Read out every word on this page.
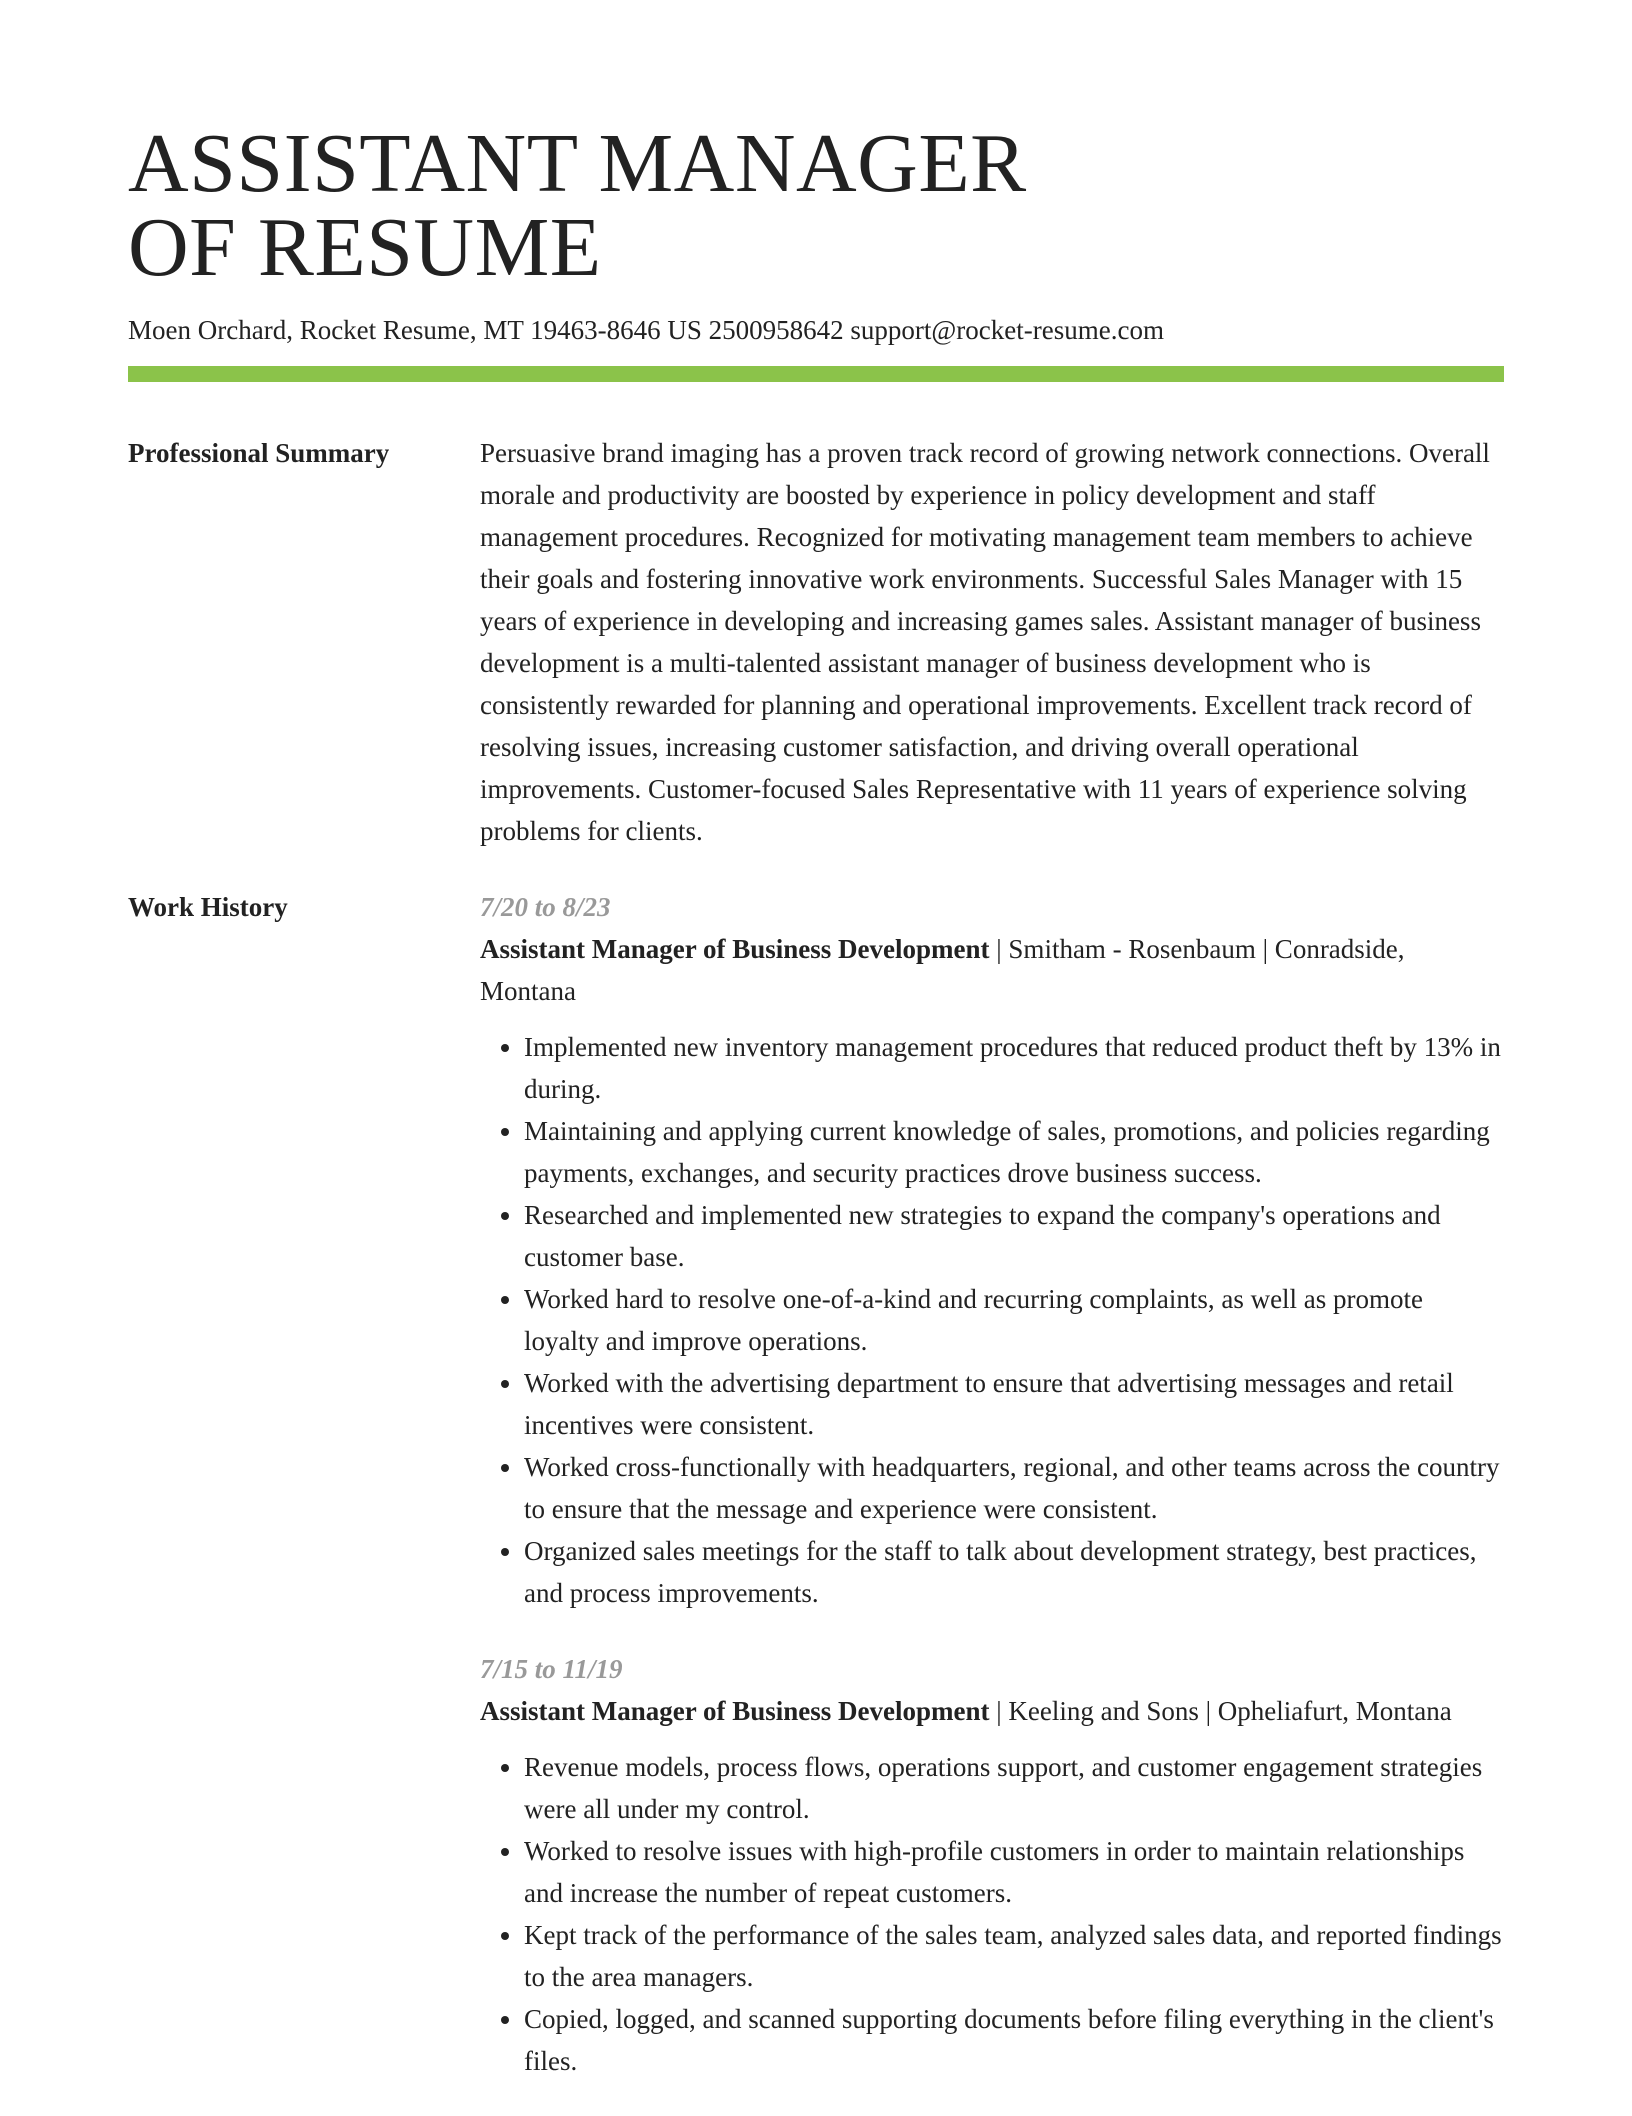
ASSISTANT MANAGER
OF RESUME
Moen Orchard, Rocket Resume, MT 19463-8646 US 2500958642 support@rocket-resume.com
Professional Summary	Persuasive brand imaging has a proven track record of growing network connections. Overall morale and productivity are boosted by experience in policy development and staff management procedures. Recognized for motivating management team members to achieve their goals and fostering innovative work environments. Successful Sales Manager with 15 years of experience in developing and increasing games sales. Assistant manager of business development is a multi-talented assistant manager of business development who is consistently rewarded for planning and operational improvements. Excellent track record of resolving issues, increasing customer satisfaction, and driving overall operational improvements. Customer-focused Sales Representative with 11 years of experience solving problems for clients.

Work History	7/20 to 8/23
Assistant Manager of Business Development | Smitham - Rosenbaum | Conradside, Montana
• Implemented new inventory management procedures that reduced product theft by 13% in during.
• Maintaining and applying current knowledge of sales, promotions, and policies regarding payments, exchanges, and security practices drove business success.
• Researched and implemented new strategies to expand the company's operations and customer base.
• Worked hard to resolve one-of-a-kind and recurring complaints, as well as promote loyalty and improve operations.
• Worked with the advertising department to ensure that advertising messages and retail incentives were consistent.
• Worked cross-functionally with headquarters, regional, and other teams across the country to ensure that the message and experience were consistent.
• Organized sales meetings for the staff to talk about development strategy, best practices, and process improvements.
7/15 to 11/19
Assistant Manager of Business Development | Keeling and Sons | Opheliafurt, Montana
• Revenue models, process flows, operations support, and customer engagement strategies were all under my control.
• Worked to resolve issues with high-profile customers in order to maintain relationships and increase the number of repeat customers.
• Kept track of the performance of the sales team, analyzed sales data, and reported findings to the area managers.
• Copied, logged, and scanned supporting documents before filing everything in the client's files.
